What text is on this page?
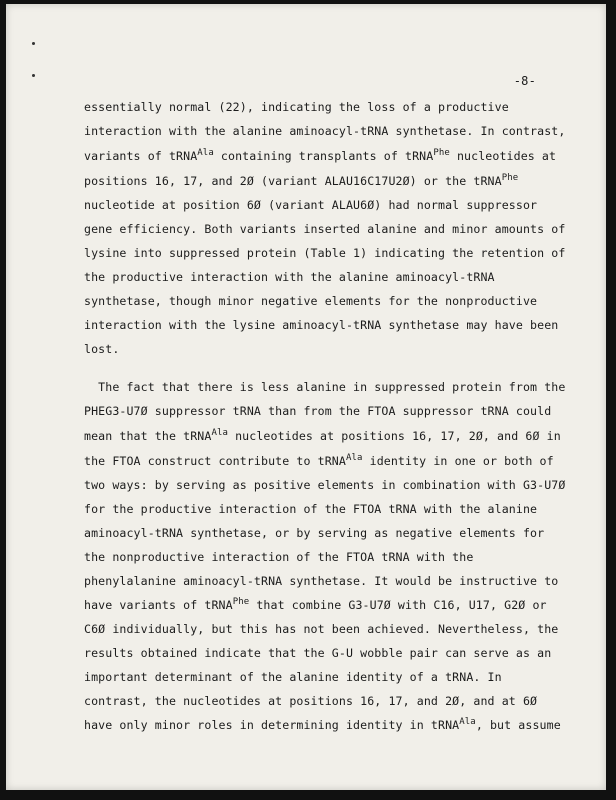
-8-
essentially normal (22), indicating the loss of a productive
interaction with the alanine aminoacyl-tRNA synthetase. In contrast,
variants of tRNA$^{Ala}$ containing transplants of tRNA$^{Phe}$ nucleotides at
positions 16, 17, and 2Ø (variant ALAU16C17U2Ø) or the tRNA$^{Phe}$
nucleotide at position 6Ø (variant ALAU6Ø) had normal suppressor
gene efficiency. Both variants inserted alanine and minor amounts of
lysine into suppressed protein (Table 1) indicating the retention of
the productive interaction with the alanine aminoacyl-tRNA
synthetase, though minor negative elements for the nonproductive
interaction with the lysine aminoacyl-tRNA synthetase may have been
lost.
The fact that there is less alanine in suppressed protein from the
PHEG3-U7Ø suppressor tRNA than from the FTOA suppressor tRNA could
mean that the tRNA$^{Ala}$ nucleotides at positions 16, 17, 2Ø, and 6Ø in
the FTOA construct contribute to tRNA$^{Ala}$ identity in one or both of
two ways: by serving as positive elements in combination with G3-U7Ø
for the productive interaction of the FTOA tRNA with the alanine
aminoacyl-tRNA synthetase, or by serving as negative elements for
the nonproductive interaction of the FTOA tRNA with the
phenylalanine aminoacyl-tRNA synthetase. It would be instructive to
have variants of tRNA$^{Phe}$ that combine G3-U7Ø with C16, U17, G2Ø or
C6Ø individually, but this has not been achieved. Nevertheless, the
results obtained indicate that the G-U wobble pair can serve as an
important determinant of the alanine identity of a tRNA. In
contrast, the nucleotides at positions 16, 17, and 2Ø, and at 6Ø
have only minor roles in determining identity in tRNA$^{Ala}$, but assume
